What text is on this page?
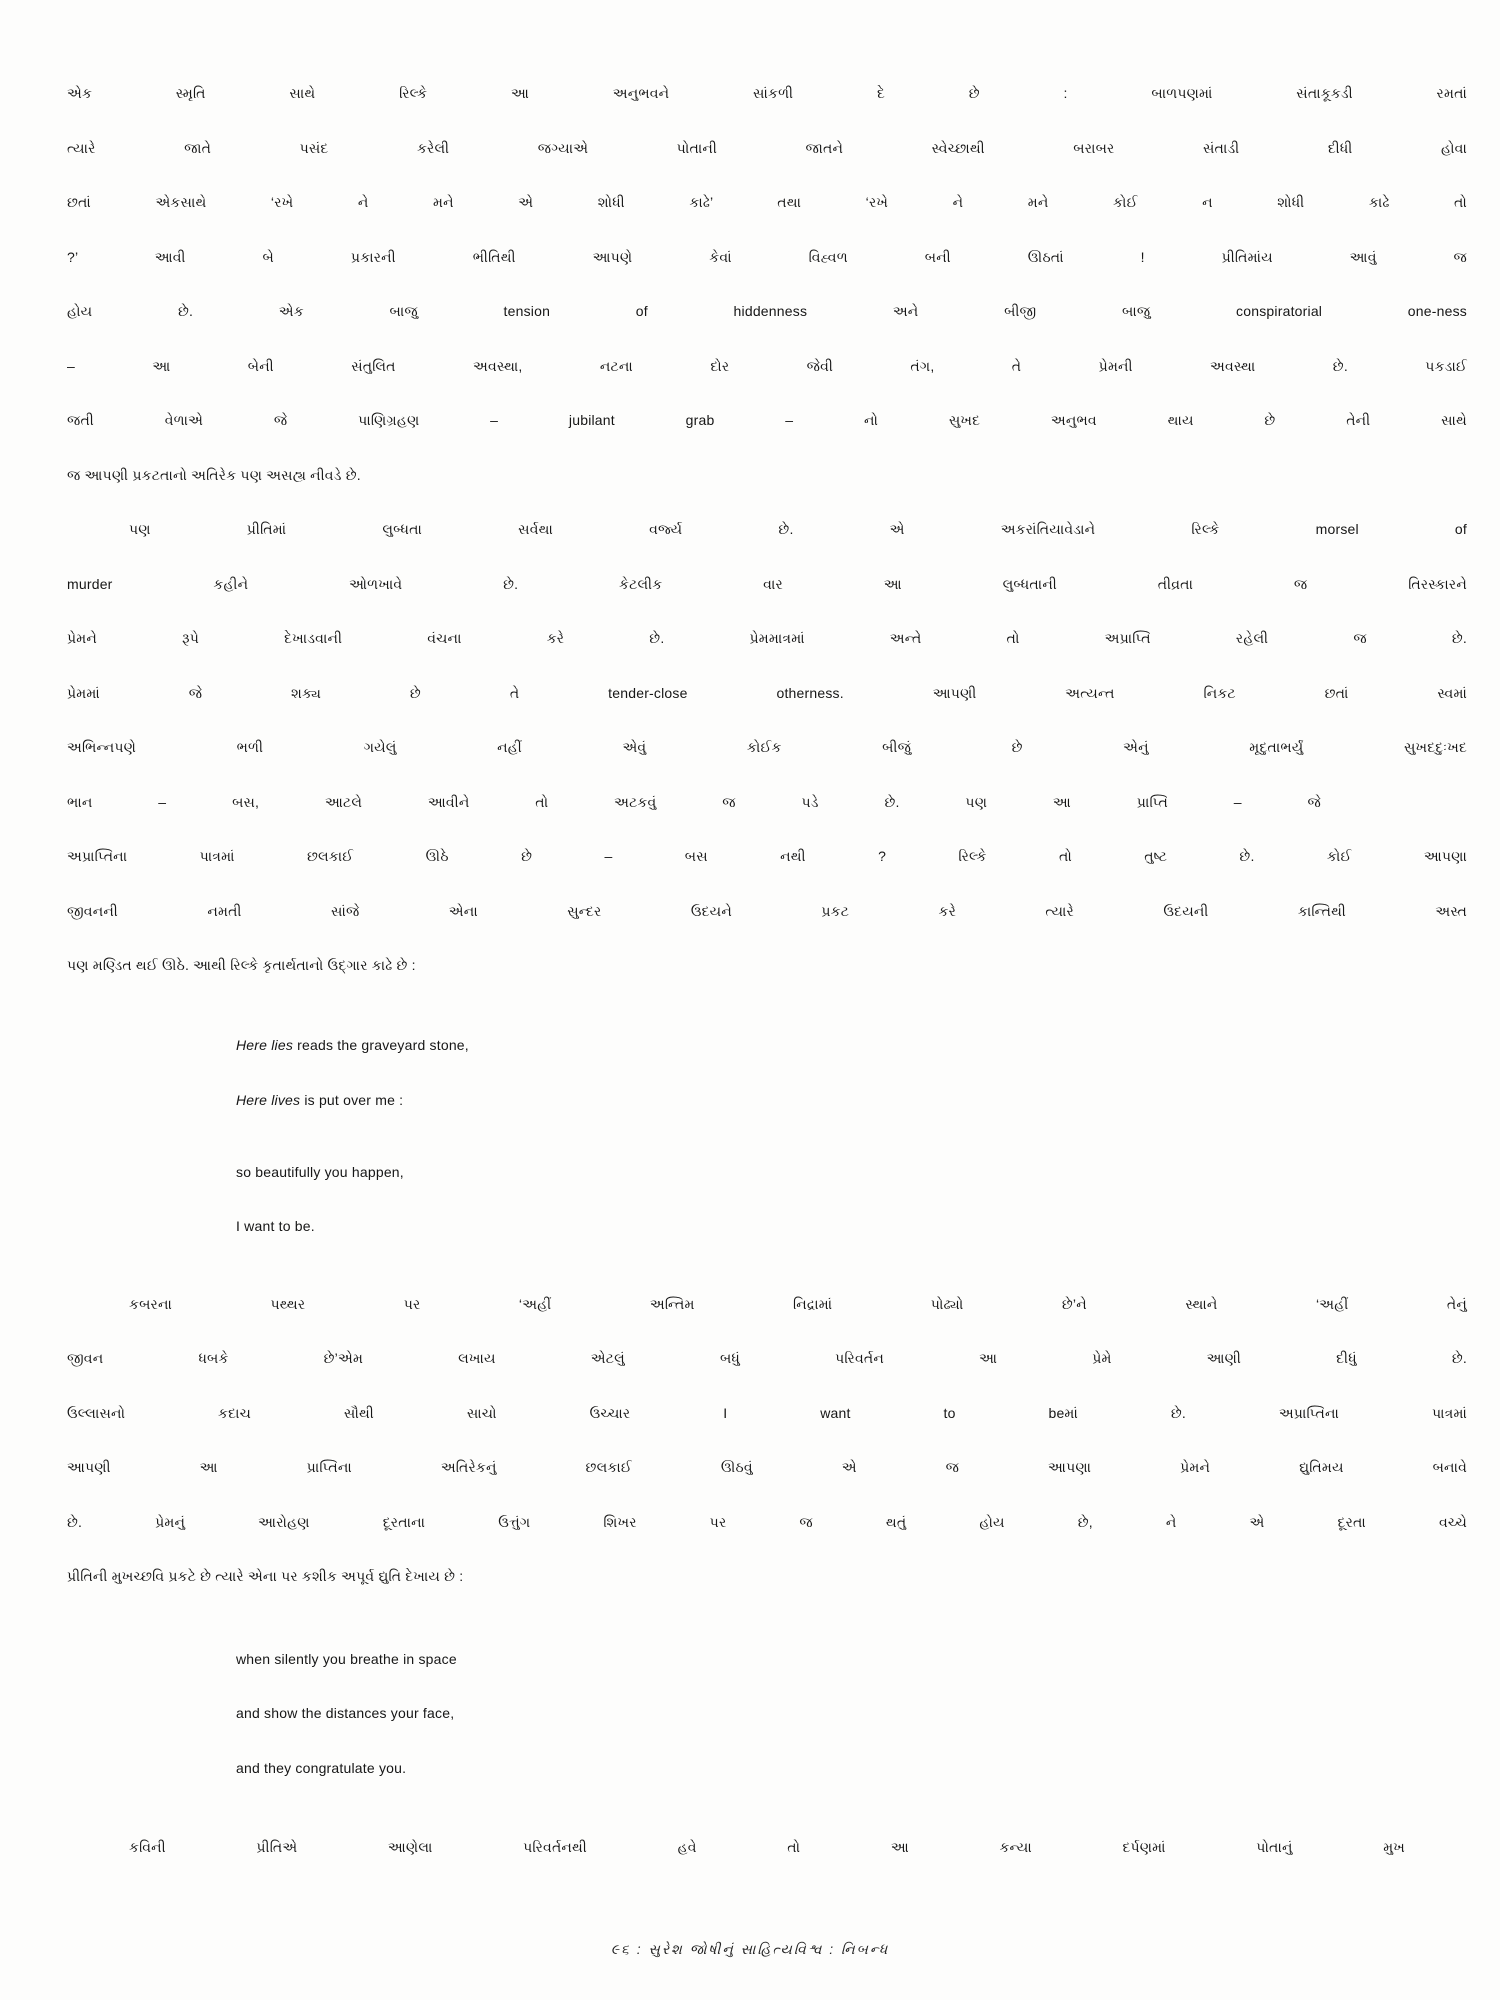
એક સ્મૃતિ સાથે રિલ્કે આ અનુભવને સાંકળી દે છે : બાળપણમાં સંતાકૂકડી રમતાં
ત્યારે જાતે પસંદ કરેલી જગ્યાએ પોતાની જાતને સ્વેચ્છાથી બરાબર સંતાડી દીધી હોવા
છતાં એકસાથે ‘રખે ને મને એ શોધી કાઢે’ તથા ‘રખે ને મને કોઈ ન શોધી કાઢે તો
?’ આવી બે પ્રકારની ભીતિથી આપણે કેવાં વિહ્વળ બની ઊઠતાં ! પ્રીતિમાંય આવું જ
હોય છે. એક બાજુ tension of hiddenness અને બીજી બાજુ conspiratorial one-ness
– આ બેની સંતુલિત અવસ્થા, નટના દોર જેવી તંગ, તે પ્રેમની અવસ્થા છે. પકડાઈ
જતી વેળાએ જે પાણિગ્રહણ – jubilant grab – નો સુખદ અનુભવ થાય છે તેની સાથે
જ આપણી પ્રકટતાનો અતિરેક પણ અસહ્ય નીવડે છે.
પણ પ્રીતિમાં લુબ્ધતા સર્વથા વર્જ્ય છે. એ અકરાંતિયાવેડાને રિલ્કે morsel of
murder કહીને ઓળખાવે છે. કેટલીક વાર આ લુબ્ધતાની તીવ્રતા જ તિરસ્કારને
પ્રેમને રૂપે દેખાડવાની વંચના કરે છે. પ્રેમમાત્રમાં અન્તે તો અપ્રાપ્તિ રહેલી જ છે.
પ્રેમમાં જે શક્ય છે તે tender-close otherness. આપણી અત્યન્ત નિકટ છતાં સ્વમાં
અભિન્નપણે ભળી ગયેલું નહીં એવું કોઈક બીજું છે એનું મૃદુતાભર્યું સુખદદુઃખદ
ભાન – બસ, આટલે આવીને તો અટકવું જ પડે છે. પણ આ પ્રાપ્તિ – જે
અપ્રાપ્તિના પાત્રમાં છલકાઈ ઊઠે છે – બસ નથી ? રિલ્કે તો તુષ્ટ છે. કોઈ આપણા
જીવનની નમતી સાંજે એના સુન્દર ઉદયને પ્રકટ કરે ત્યારે ઉદયની કાન્તિથી અસ્ત
પણ મણ્ડિત થઈ ઊઠે. આથી રિલ્કે કૃતાર્થતાનો ઉદ્ગાર કાઢે છે :
Here lies reads the graveyard stone,
Here lives is put over me :
so beautifully you happen,
I want to be.
કબરના પથ્થર પર ‘અહીં અન્તિમ નિદ્રામાં પોઢ્યો છે’ને સ્થાને ‘અહીં તેનું
જીવન ધબકે છે’એમ લખાય એટલું બધું પરિવર્તન આ પ્રેમે આણી દીધું છે.
ઉલ્લાસનો કદાચ સૌથી સાચો ઉચ્ચાર I want to beમાં છે. અપ્રાપ્તિના પાત્રમાં
આપણી આ પ્રાપ્તિના અતિરેકનું છલકાઈ ઊઠવું એ જ આપણા પ્રેમને દ્યુતિમય બનાવે
છે. પ્રેમનું આરોહણ દૂરતાના ઉત્તુંગ શિખર પર જ થતું હોય છે, ને એ દૂરતા વચ્ચે
પ્રીતિની મુખચ્છવિ પ્રકટે છે ત્યારે એના પર કશીક અપૂર્વ દ્યુતિ દેખાય છે :
when silently you breathe in space
and show the distances your face,
and they congratulate you.
કવિની પ્રીતિએ આણેલા પરિવર્તનથી હવે તો આ કન્યા દર્પણમાં પોતાનું મુખ
૯૬ : સુરેશ જોષીનું સાહિત્યવિશ્વ : નિબન્ધ
